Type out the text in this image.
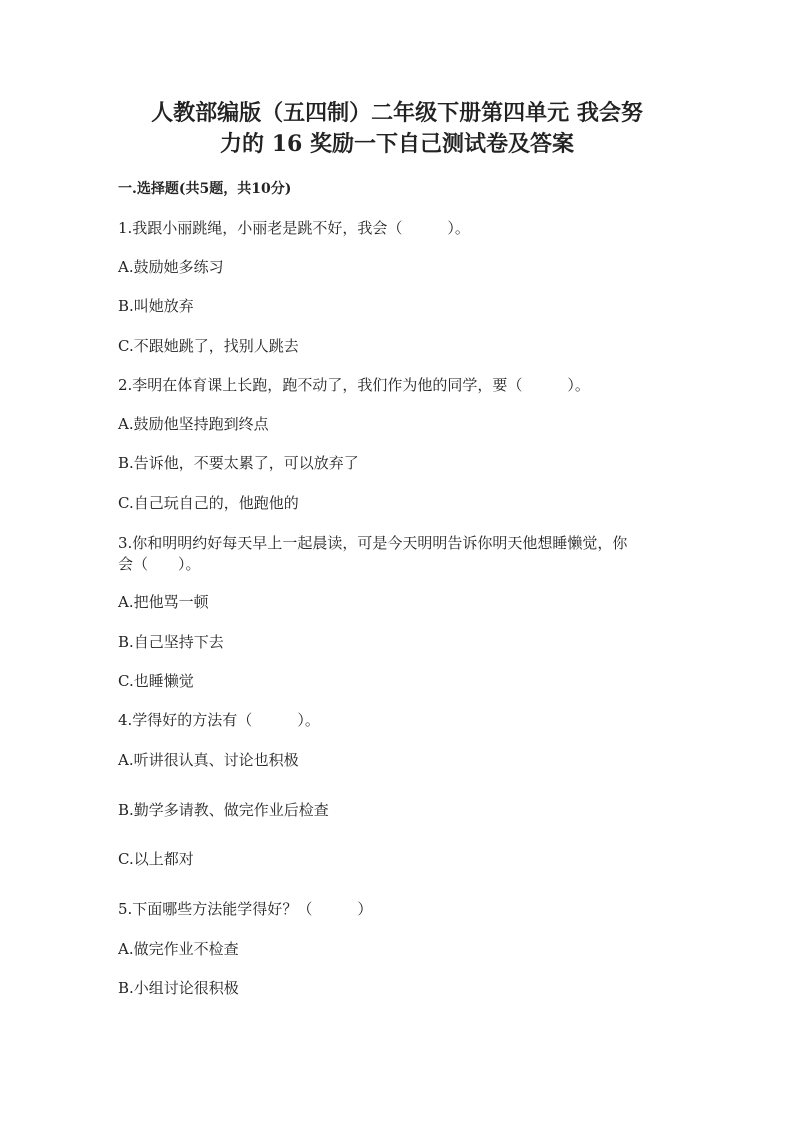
人教部编版（五四制）二年级下册第四单元 我会努
力的 16 奖励一下自己测试卷及答案

一.选择题(共5题，共10分)

1.我跟小丽跳绳，小丽老是跳不好，我会（　　　）。

A.鼓励她多练习

B.叫她放弃

C.不跟她跳了，找别人跳去

2.李明在体育课上长跑，跑不动了，我们作为他的同学，要（　　　）。

A.鼓励他坚持跑到终点

B.告诉他，不要太累了，可以放弃了

C.自己玩自己的，他跑他的

3.你和明明约好每天早上一起晨读，可是今天明明告诉你明天他想睡懒觉，你

会（　　）。

A.把他骂一顿

B.自己坚持下去

C.也睡懒觉

4.学得好的方法有（　　　）。

A.听讲很认真、讨论也积极

B.勤学多请教、做完作业后检查

C.以上都对

5.下面哪些方法能学得好？（　　　）

A.做完作业不检查

B.小组讨论很积极
